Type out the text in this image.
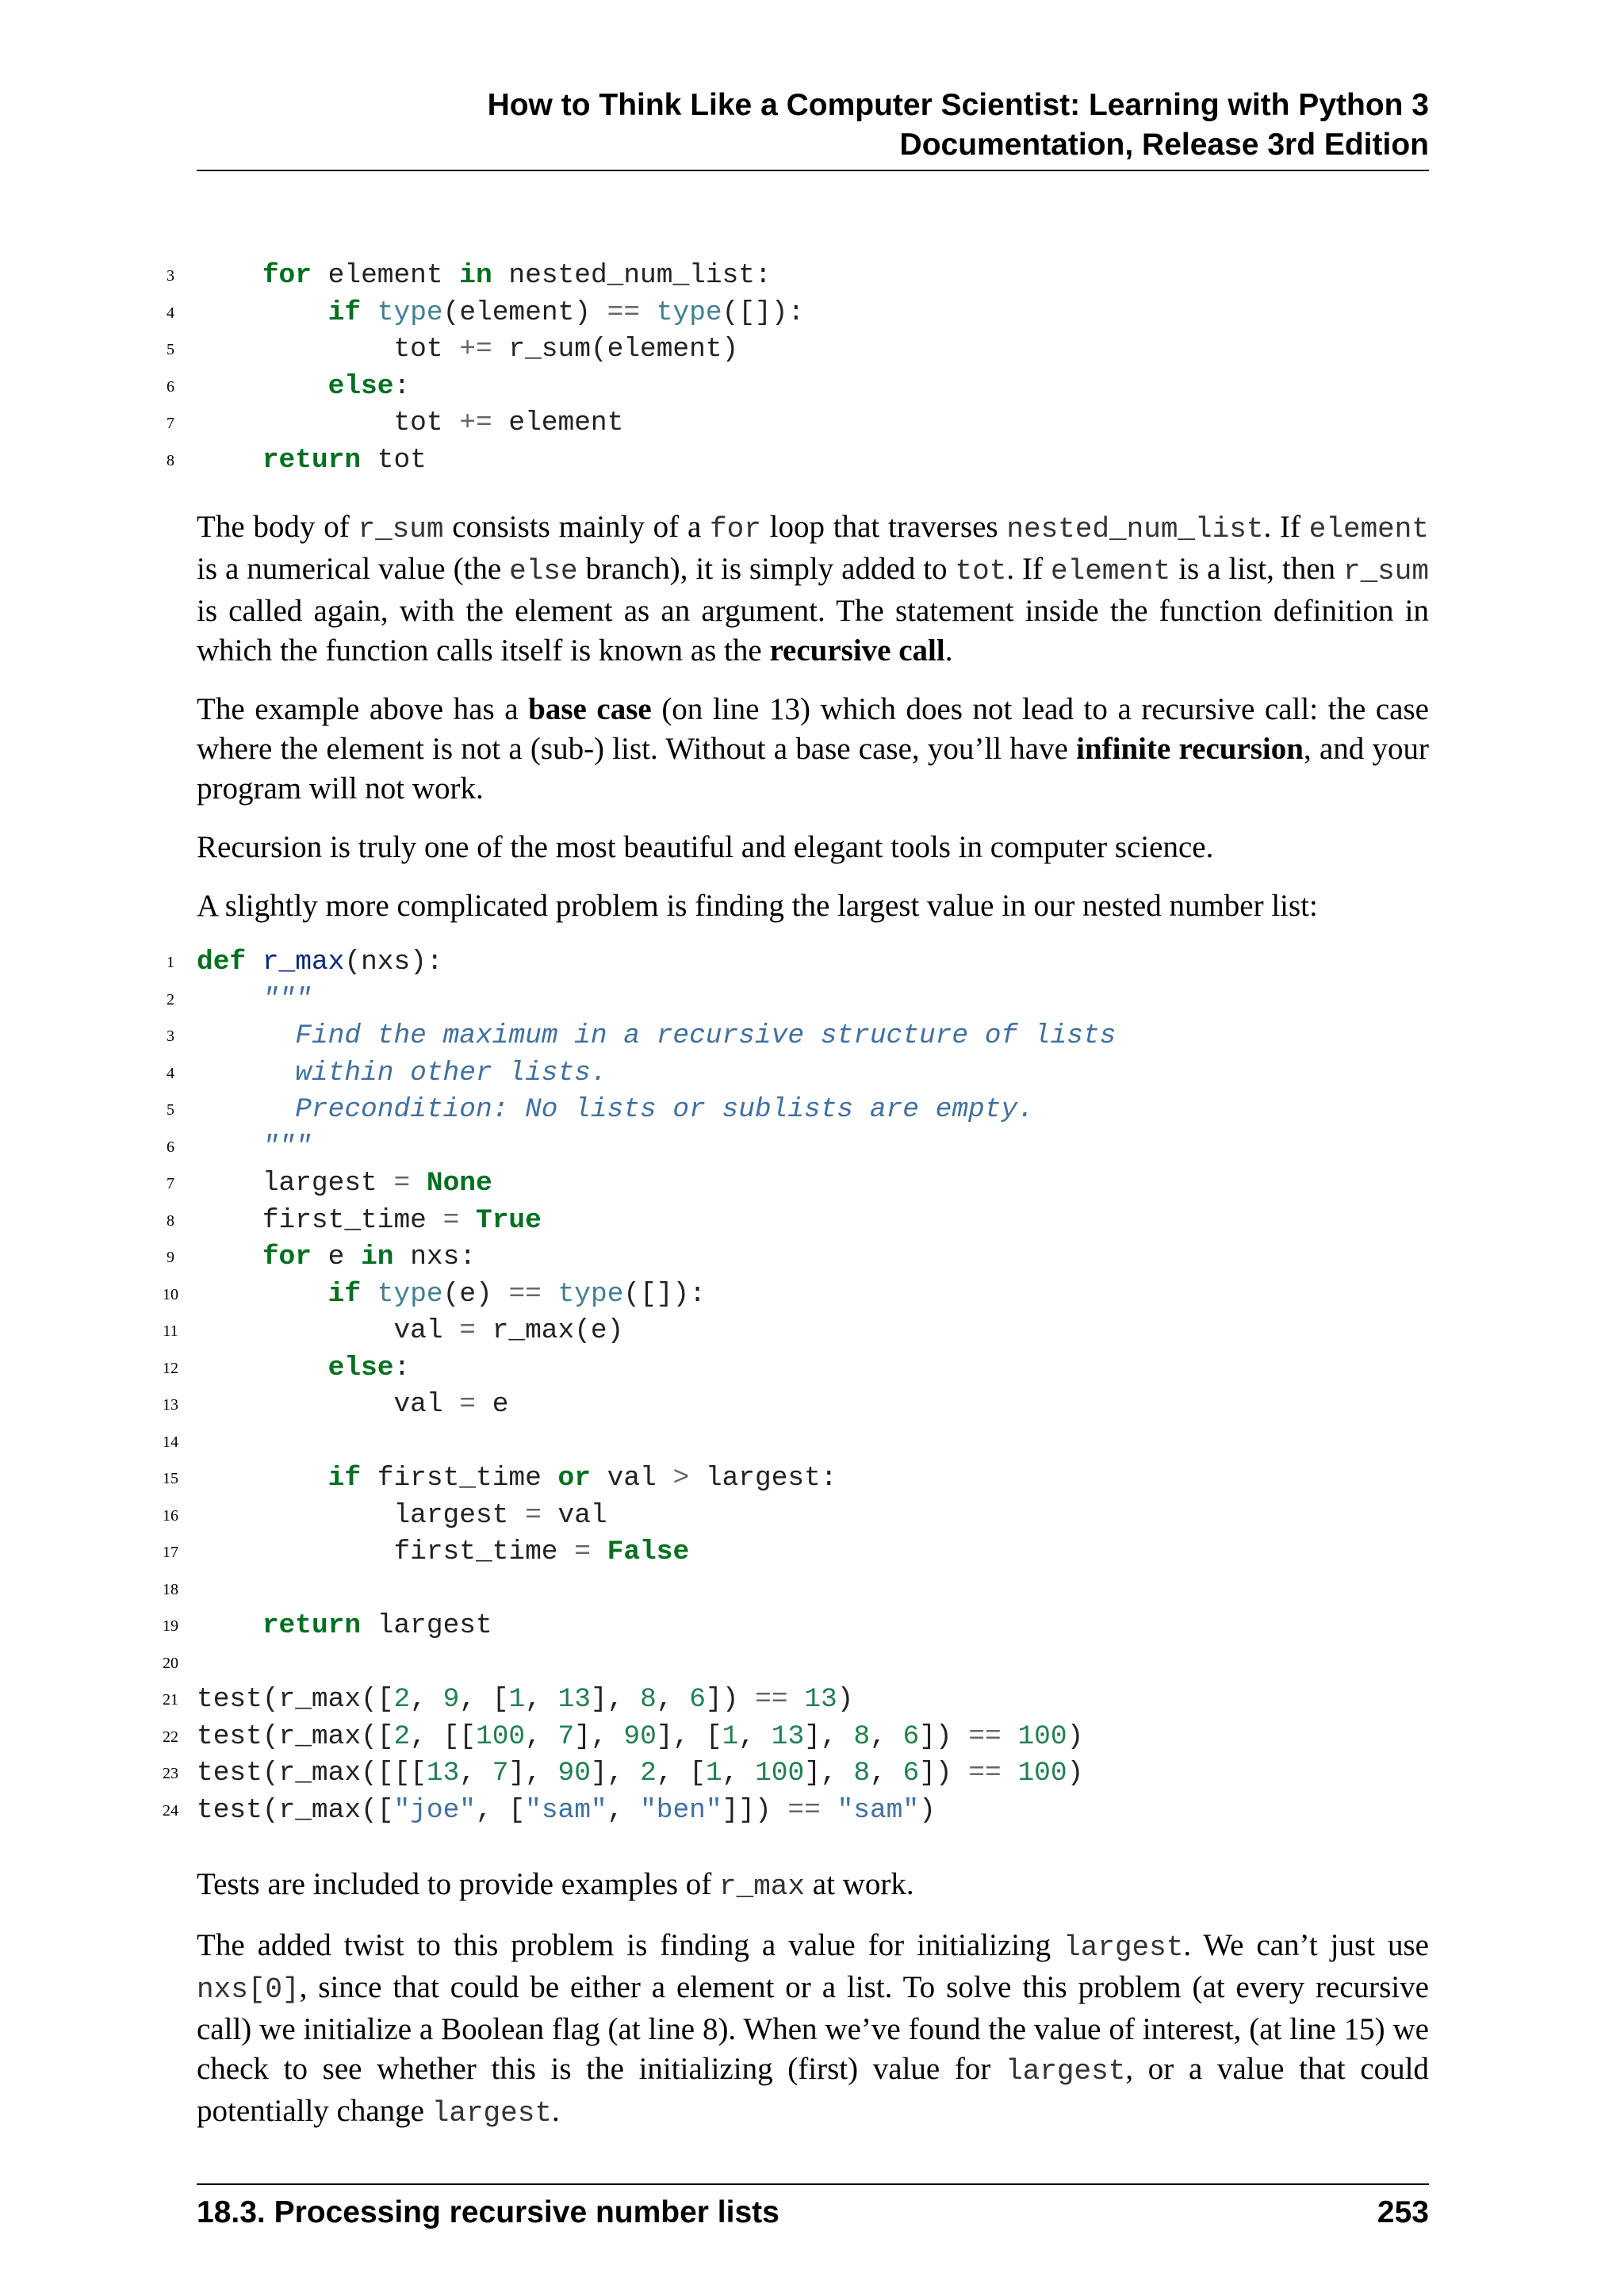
How to Think Like a Computer Scientist: Learning with Python 3
Documentation, Release 3rd Edition
3	for element in nested_num_list:
4	if type(element) == type([]):
5 tot += r_sum(element)
6	else:
7 tot += element
8	return tot

The body of r_sum consists mainly of a for loop that traverses nested_num_list. If element is a numerical value (the else branch), it is simply added to tot. If element is a list, then r_sum is called again, with the element as an argument. The statement inside the function definition in which the function calls itself is known as the recursive call.

The example above has a base case (on line 13) which does not lead to a recursive call: the case where the element is not a (sub-) list. Without a base case, you’ll have infinite recursion, and your program will not work.

Recursion is truly one of the most beautiful and elegant tools in computer science.

A slightly more complicated problem is finding the largest value in our nested number list:

1 def r_max(nxs):
2 """
3 Find the maximum in a recursive structure of lists
4 within other lists.
5 Precondition: No lists or sublists are empty.
6 """
7 largest = None
8 first_time = True
9	for e in nxs:
10	if type(e) == type([]):
11 val = r_max(e)
12	else:
13 val = e
14
15	if first_time or val > largest:
16 largest = val
17 first_time = False
18
19	return largest
20
21 test(r_max([2, 9, [1, 13], 8, 6]) == 13)
22 test(r_max([2, [[100, 7], 90], [1, 13], 8, 6]) == 100)
23 test(r_max([[[13, 7], 90], 2, [1, 100], 8, 6]) == 100)
24 test(r_max(["joe", ["sam", "ben"]]) == "sam")

Tests are included to provide examples of r_max at work.

The added twist to this problem is finding a value for initializing largest. We can’t just use nxs[0], since that could be either a element or a list. To solve this problem (at every recursive call) we initialize a Boolean flag (at line 8). When we’ve found the value of interest, (at line 15) we check to see whether this is the initializing (first) value for largest, or a value that could potentially change largest.

18.3. Processing recursive number lists	253
